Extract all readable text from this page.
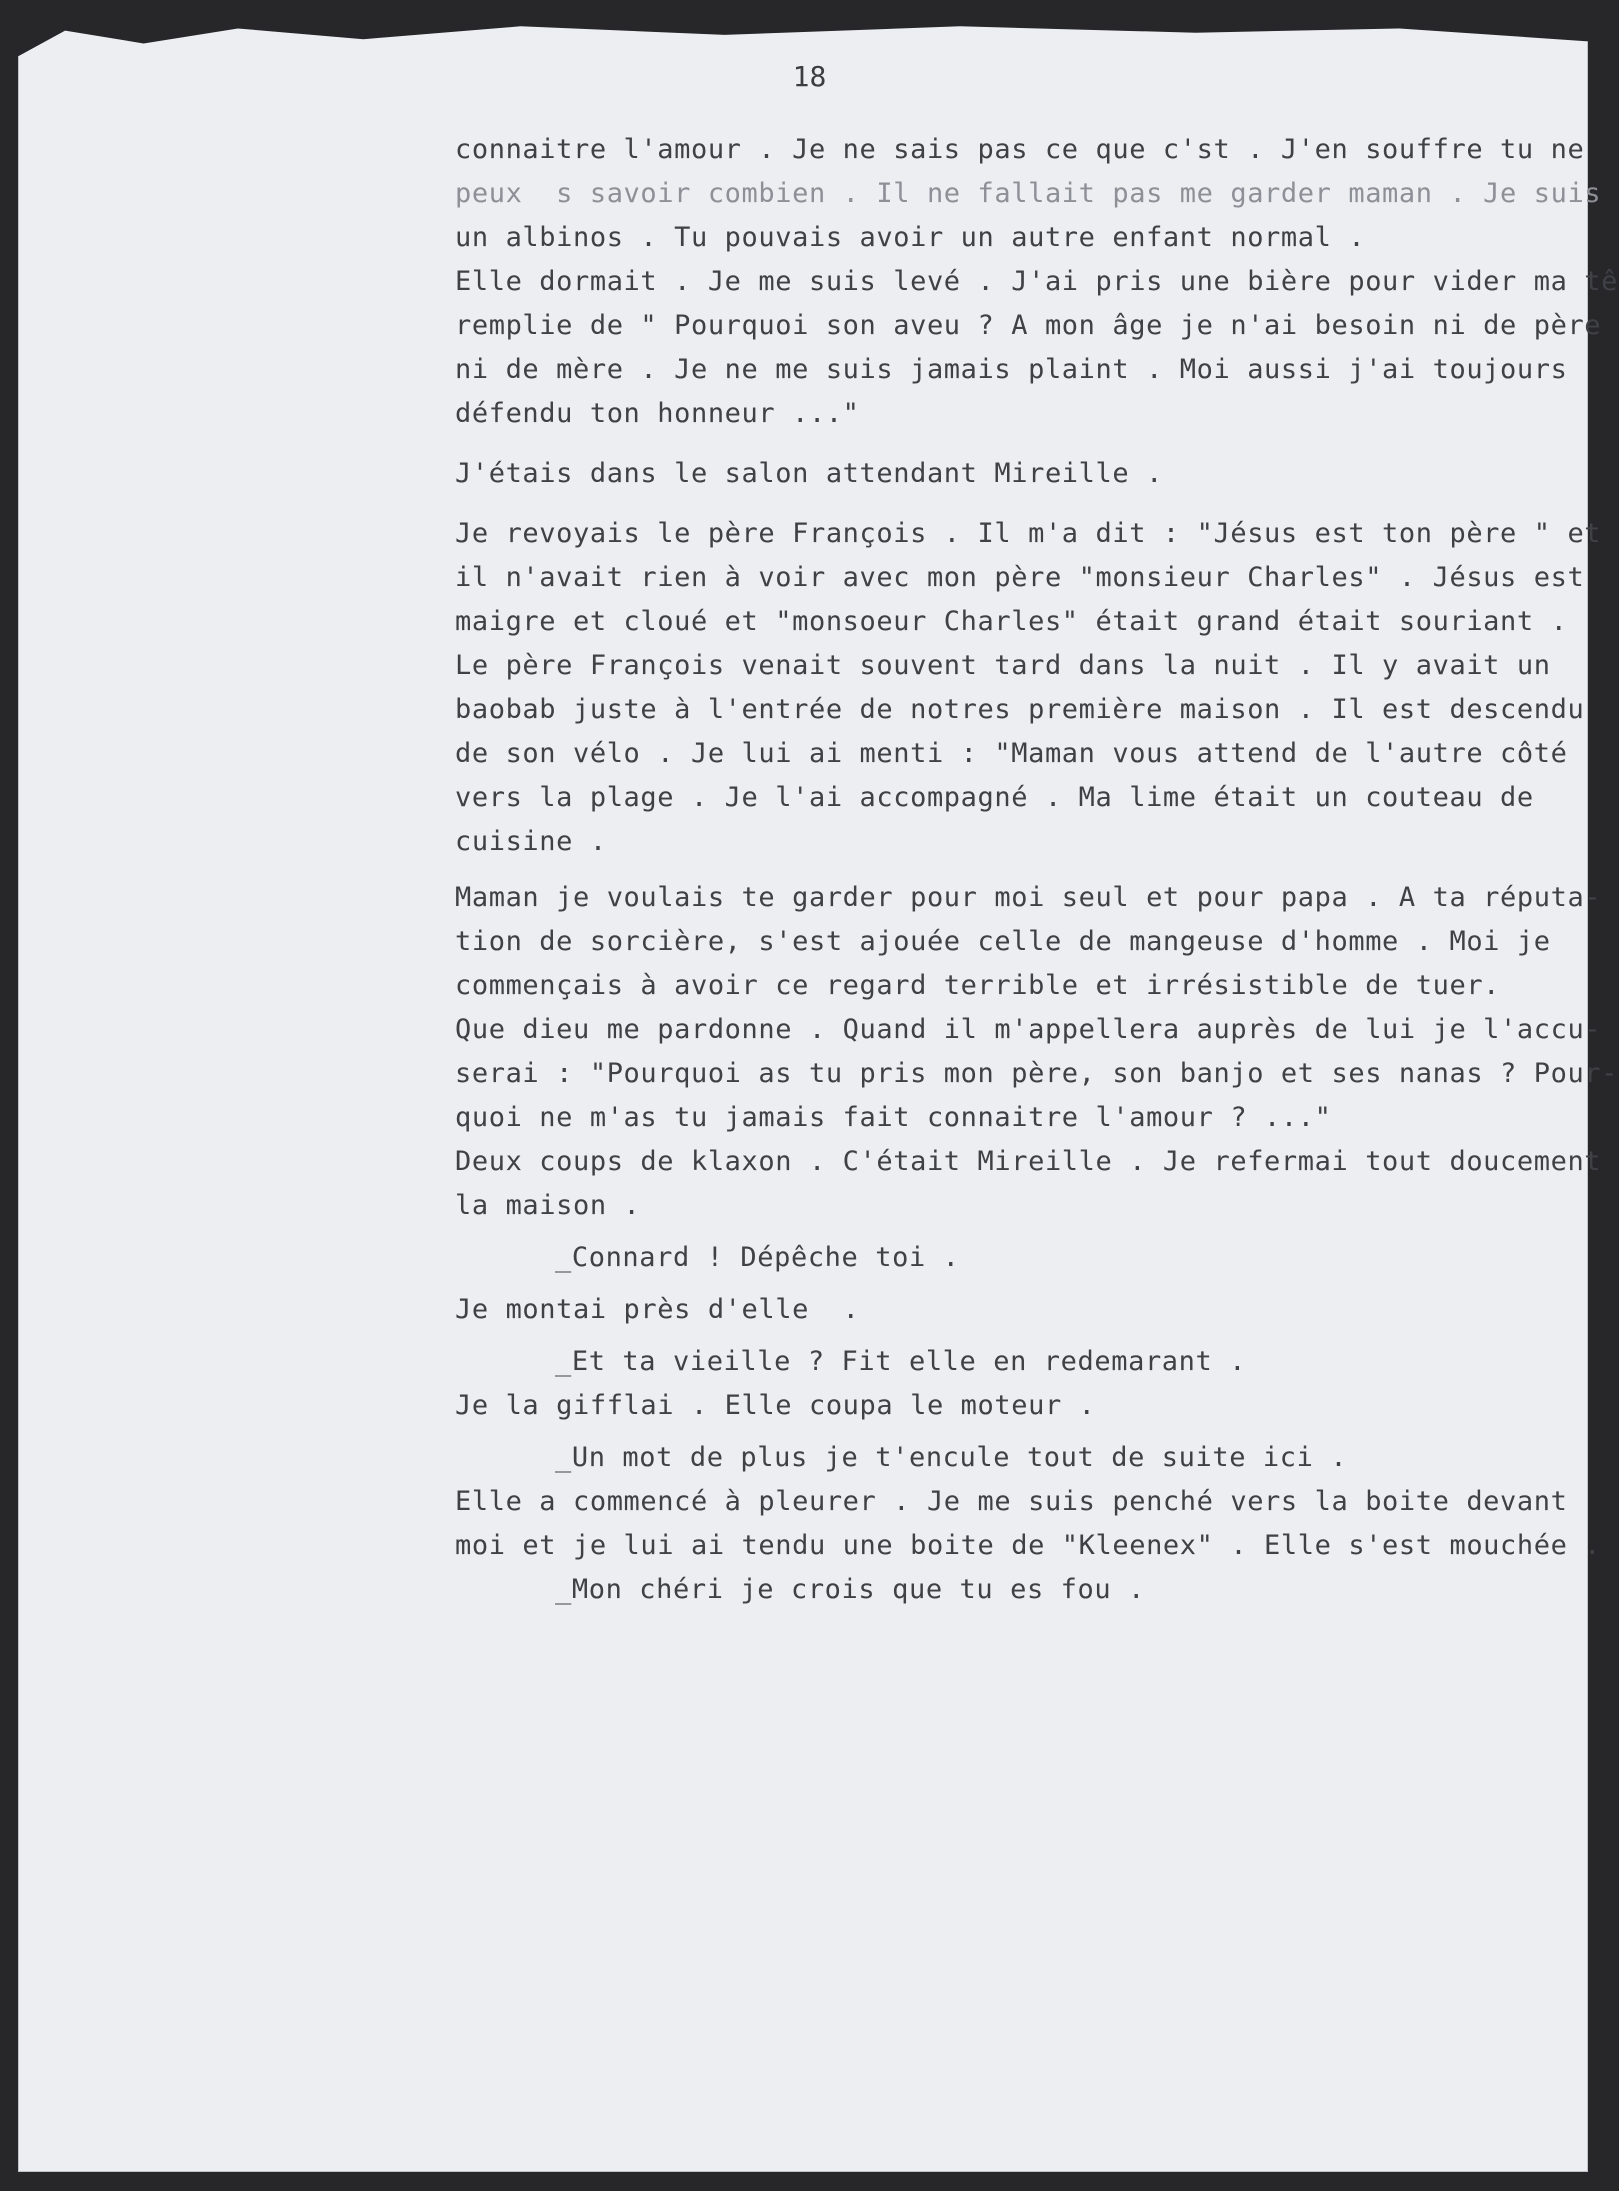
18
connaitre l'amour . Je ne sais pas ce que c'st . J'en souffre tu ne
peux  s savoir combien . Il ne fallait pas me garder maman . Je suis
un albinos . Tu pouvais avoir un autre enfant normal .
Elle dormait . Je me suis levé . J'ai pris une bière pour vider ma tê
remplie de " Pourquoi son aveu ? A mon âge je n'ai besoin ni de père
ni de mère . Je ne me suis jamais plaint . Moi aussi j'ai toujours
défendu ton honneur ..."
J'étais dans le salon attendant Mireille .
Je revoyais le père François . Il m'a dit : "Jésus est ton père " et
il n'avait rien à voir avec mon père "monsieur Charles" . Jésus est
maigre et cloué et "monsoeur Charles" était grand était souriant .
Le père François venait souvent tard dans la nuit . Il y avait un
baobab juste à l'entrée de notres première maison . Il est descendu
de son vélo . Je lui ai menti : "Maman vous attend de l'autre côté
vers la plage . Je l'ai accompagné . Ma lime était un couteau de
cuisine .
Maman je voulais te garder pour moi seul et pour papa . A ta réputa-
tion de sorcière, s'est ajouée celle de mangeuse d'homme . Moi je
commençais à avoir ce regard terrible et irrésistible de tuer.
Que dieu me pardonne . Quand il m'appellera auprès de lui je l'accu-
serai : "Pourquoi as tu pris mon père, son banjo et ses nanas ? Pour-
quoi ne m'as tu jamais fait connaitre l'amour ? ..."
Deux coups de klaxon . C'était Mireille . Je refermai tout doucement
la maison .
_Connard ! Dépêche toi .
Je montai près d'elle  .
_Et ta vieille ? Fit elle en redemarant .
Je la gifflai . Elle coupa le moteur .
_Un mot de plus je t'encule tout de suite ici .
Elle a commencé à pleurer . Je me suis penché vers la boite devant
moi et je lui ai tendu une boite de "Kleenex" . Elle s'est mouchée .
_Mon chéri je crois que tu es fou .
